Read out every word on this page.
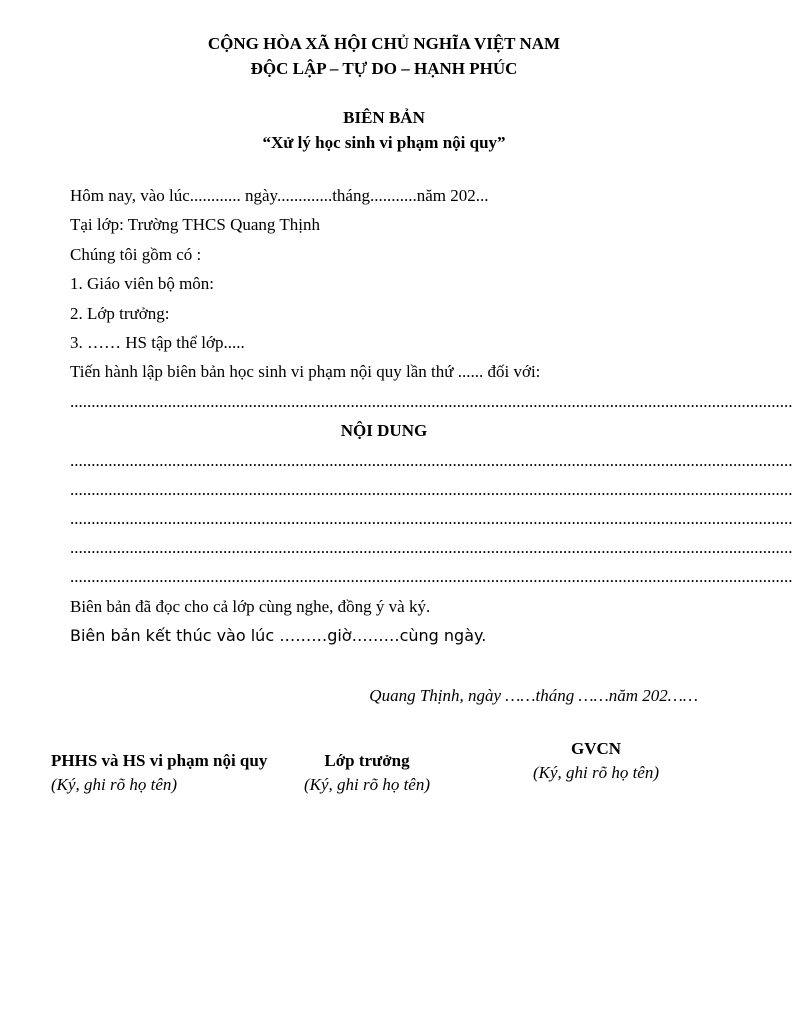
CỘNG HÒA XÃ HỘI CHỦ NGHĨA VIỆT NAM
ĐỘC LẬP – TỰ DO – HẠNH PHÚC
BIÊN BẢN
“Xử lý học sinh vi phạm nội quy”
Hôm nay, vào lúc............ ngày.............tháng...........năm 202...
Tại lớp: Trường THCS Quang Thịnh
Chúng tôi gồm có :
1. Giáo viên bộ môn:
2. Lớp trưởng:
3. …… HS tập thể lớp.....
Tiến hành lập biên bản học sinh vi phạm nội quy lần thứ ...... đối với:
..........................................................................................................................................................................
NỘI DUNG
..........................................................................................................................................................................
..........................................................................................................................................................................
..........................................................................................................................................................................
..........................................................................................................................................................................
..........................................................................................................................................................................
Biên bản đã đọc cho cả lớp cùng nghe, đồng ý và ký.
Biên bản kết thúc vào lúc ………giờ………cùng ngày.
Quang Thịnh, ngày ……tháng ……năm 202……
PHHS và HS vi phạm nội quy
(Ký, ghi rõ họ tên)
Lớp trưởng
(Ký, ghi rõ họ tên)
GVCN
(Ký, ghi rõ họ tên)
